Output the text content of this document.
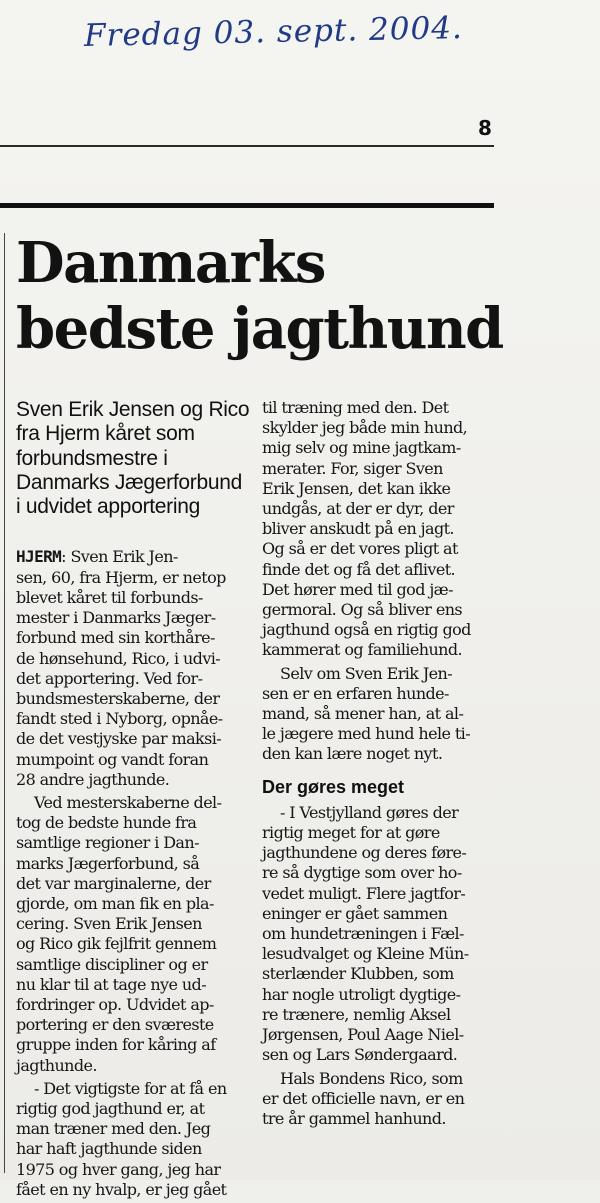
Fredag 03. sept. 2004.
8
Danmarks
bedste jagthund
Sven Erik Jensen og Rico
fra Hjerm kåret som
forbundsmestre i
Danmarks Jægerforbund
i udvidet apportering
HJERM: Sven Erik Jen-
sen, 60, fra Hjerm, er netop
blevet kåret til forbunds-
mester i Danmarks Jæger-
forbund med sin korthåre-
de hønsehund, Rico, i udvi-
det apportering. Ved for-
bundsmesterskaberne, der
fandt sted i Nyborg, opnåe-
de det vestjyske par maksi-
mumpoint og vandt foran
28 andre jagthunde.
Ved mesterskaberne del-
tog de bedste hunde fra
samtlige regioner i Dan-
marks Jægerforbund, så
det var marginalerne, der
gjorde, om man fik en pla-
cering. Sven Erik Jensen
og Rico gik fejlfrit gennem
samtlige discipliner og er
nu klar til at tage nye ud-
fordringer op. Udvidet ap-
portering er den sværeste
gruppe inden for kåring af
jagthunde.
- Det vigtigste for at få en
rigtig god jagthund er, at
man træner med den. Jeg
har haft jagthunde siden
1975 og hver gang, jeg har
fået en ny hvalp, er jeg gået
til træning med den. Det
skylder jeg både min hund,
mig selv og mine jagtkam-
merater. For, siger Sven
Erik Jensen, det kan ikke
undgås, at der er dyr, der
bliver anskudt på en jagt.
Og så er det vores pligt at
finde det og få det aflivet.
Det hører med til god jæ-
germoral. Og så bliver ens
jagthund også en rigtig god
kammerat og familiehund.
Selv om Sven Erik Jen-
sen er en erfaren hunde-
mand, så mener han, at al-
le jægere med hund hele ti-
den kan lære noget nyt.
Der gøres meget
- I Vestjylland gøres der
rigtig meget for at gøre
jagthundene og deres føre-
re så dygtige som over ho-
vedet muligt. Flere jagtfor-
eninger er gået sammen
om hundetræningen i Fæl-
lesudvalget og Kleine Mün-
sterlænder Klubben, som
har nogle utroligt dygtige-
re trænere, nemlig Aksel
Jørgensen, Poul Aage Niel-
sen og Lars Søndergaard.
Hals Bondens Rico, som
er det officielle navn, er en
tre år gammel hanhund.
